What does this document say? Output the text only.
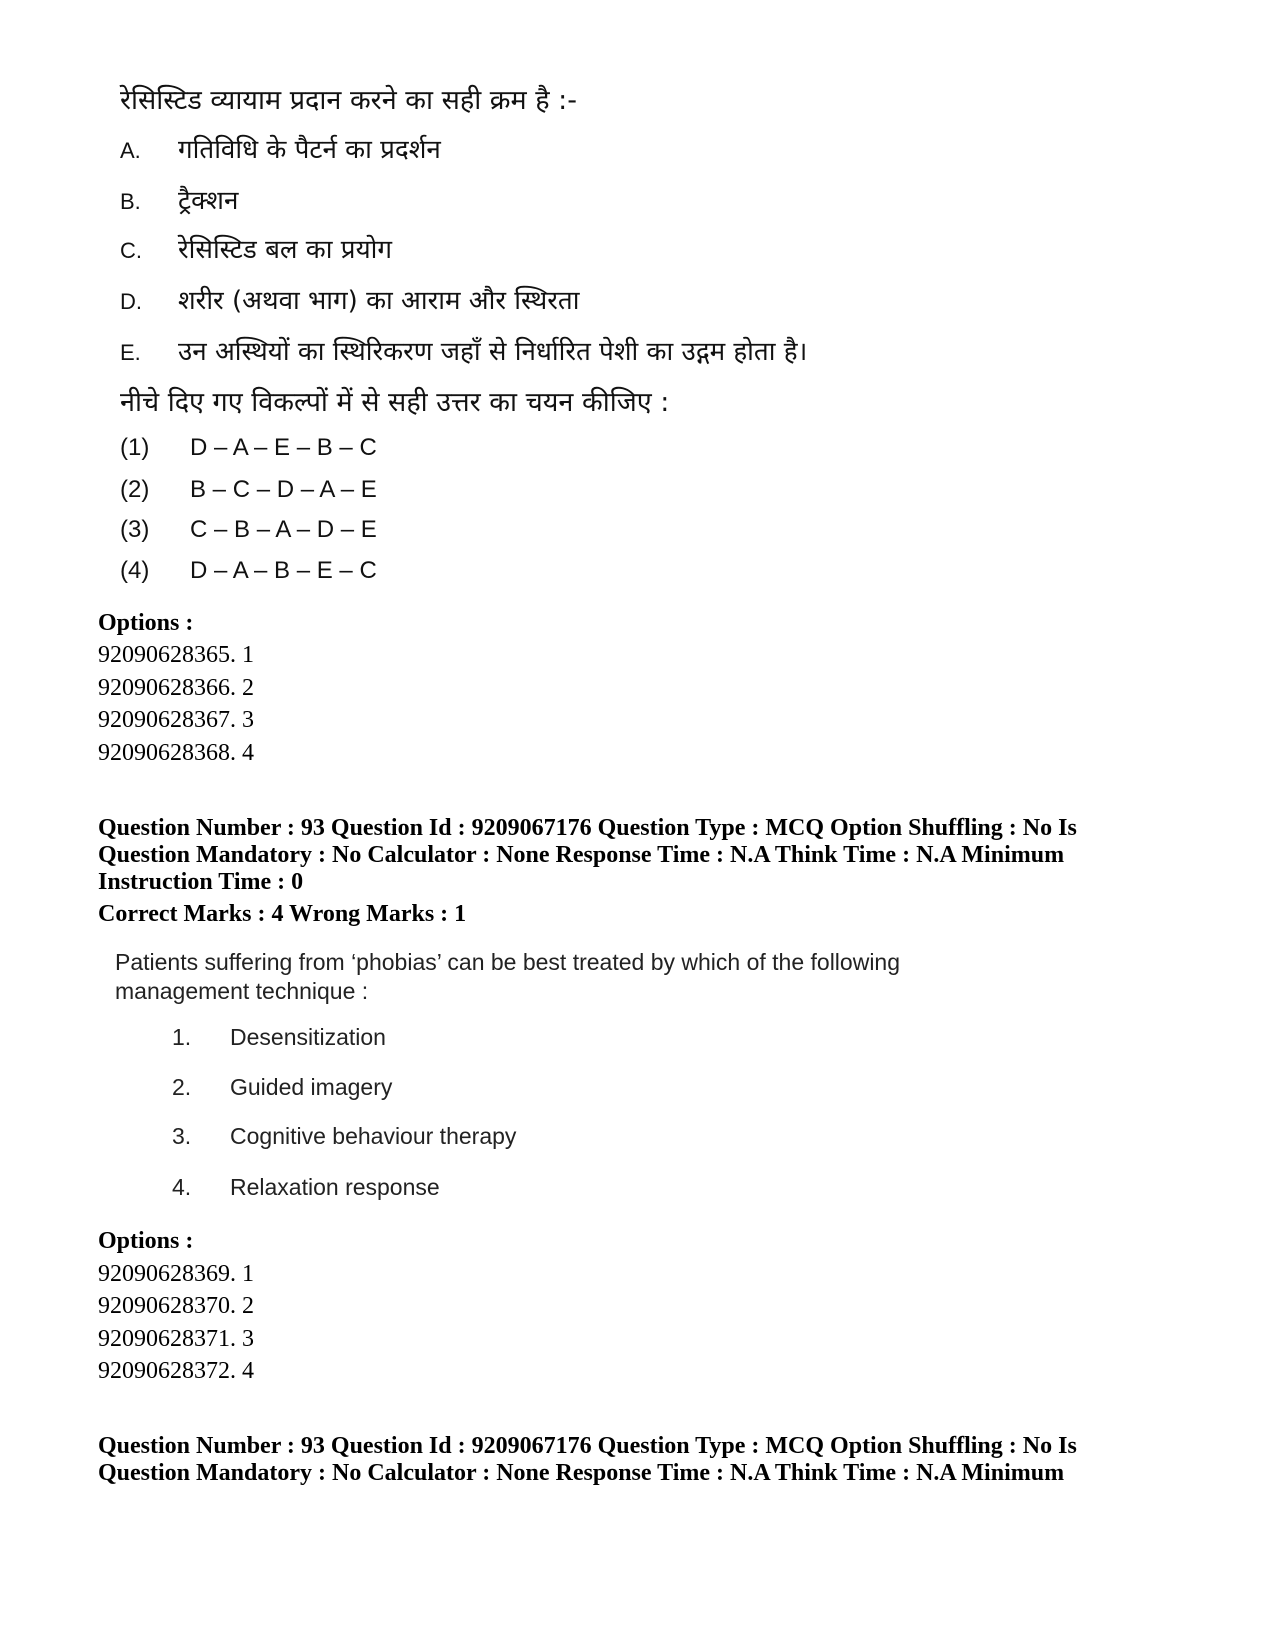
रेसिस्टिड व्यायाम प्रदान करने का सही क्रम है :-
A. गतिविधि के पैटर्न का प्रदर्शन
B. ट्रैक्शन
C. रेसिस्टिड बल का प्रयोग
D. शरीर (अथवा भाग) का आराम और स्थिरता
E. उन अस्थियों का स्थिरिकरण जहाँ से निर्धारित पेशी का उद्गम होता है।
नीचे दिए गए विकल्पों में से सही उत्तर का चयन कीजिए :
(1) D – A – E – B – C
(2) B – C – D – A – E
(3) C – B – A – D – E
(4) D – A – B – E – C
Options :
92090628365. 1
92090628366. 2
92090628367. 3
92090628368. 4
Question Number : 93 Question Id : 9209067176 Question Type : MCQ Option Shuffling : No Is
Question Mandatory : No Calculator : None Response Time : N.A Think Time : N.A Minimum
Instruction Time : 0
Correct Marks : 4 Wrong Marks : 1
Patients suffering from ‘phobias’ can be best treated by which of the following
management technique :
1. Desensitization
2. Guided imagery
3. Cognitive behaviour therapy
4. Relaxation response
Options :
92090628369. 1
92090628370. 2
92090628371. 3
92090628372. 4
Question Number : 93 Question Id : 9209067176 Question Type : MCQ Option Shuffling : No Is
Question Mandatory : No Calculator : None Response Time : N.A Think Time : N.A Minimum
